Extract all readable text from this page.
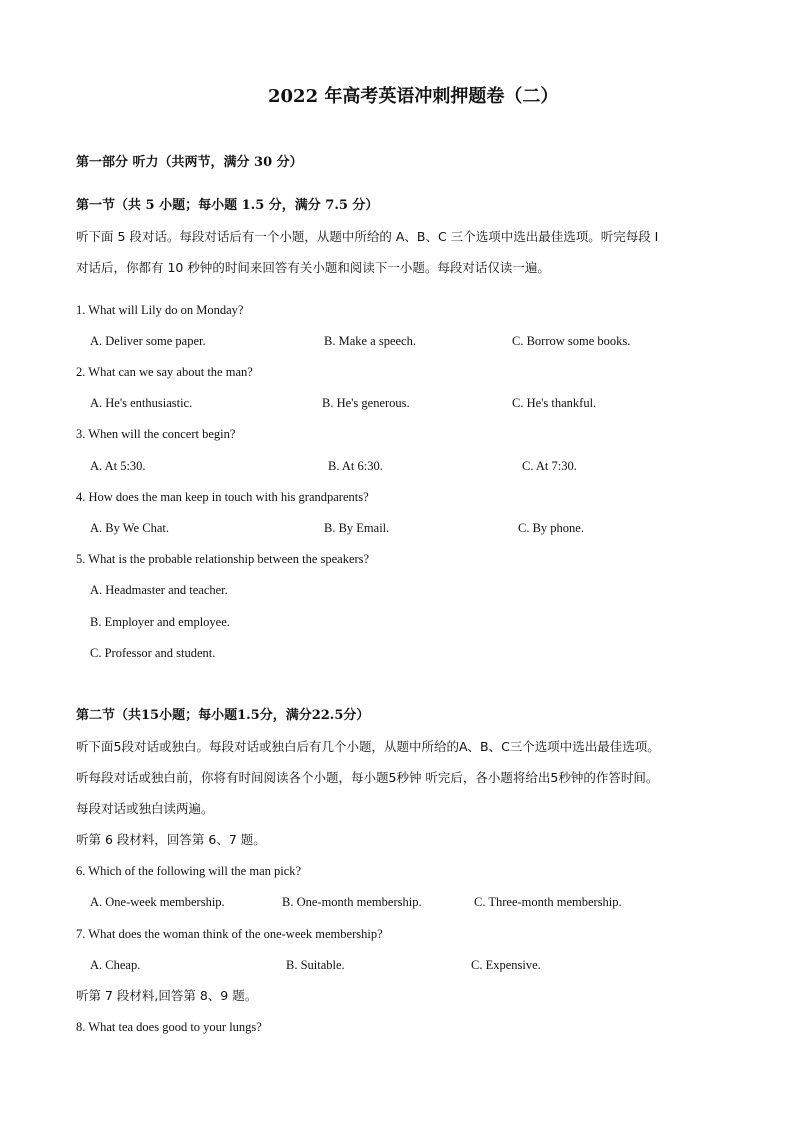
2022 年高考英语冲刺押题卷（二）
第一部分 听力（共两节，满分 30 分）
第一节（共 5 小题；每小题 1.5 分，满分 7.5 分）
听下面 5 段对话。每段对话后有一个小题，从题中所给的 A、B、C 三个选项中选出最佳选项。听完每段 I
对话后，你都有 10 秒钟的时间来回答有关小题和阅读下一小题。每段对话仅读一遍。
1. What will Lily do on Monday?
A. Deliver some paper.	B. Make a speech.	C. Borrow some books.
2. What can we say about the man?
A. He's enthusiastic.	B. He's generous.	C. He's thankful.
3. When will the concert begin?
A. At 5:30.	B. At 6:30.	C. At 7:30.
4. How does the man keep in touch with his grandparents?
A. By We Chat.	B. By Email.	C. By phone.
5. What is the probable relationship between the speakers?
A. Headmaster and teacher.
B. Employer and employee.
C. Professor and student.
第二节（共15小题；每小题1.5分，满分22.5分）
听下面5段对话或独白。每段对话或独白后有几个小题，从题中所给的A、B、C三个选项中选出最佳选项。
听每段对话或独白前，你将有时间阅读各个小题，每小题5秒钟 听完后，各小题将给出5秒钟的作答时间。
每段对话或独白读两遍。
听第 6 段材料，回答第 6、7 题。
6. Which of the following will the man pick?
A. One-week membership.	B. One-month membership.	C. Three-month membership.
7. What does the woman think of the one-week membership?
A. Cheap.	B. Suitable.	C. Expensive.
听第 7 段材料,回答第 8、9 题。
8. What tea does good to your lungs?
